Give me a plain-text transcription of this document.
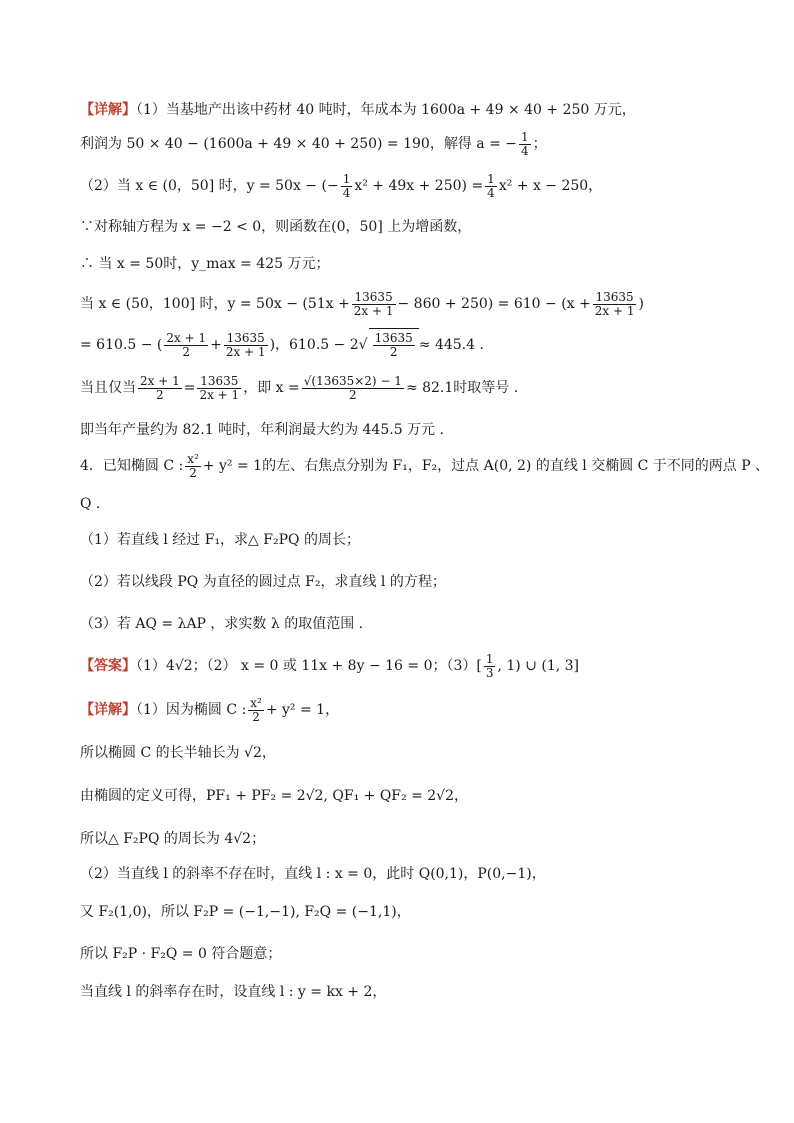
【详解】（1）当基地产出该中药材 40 吨时，年成本为 1600a + 49 × 40 + 250 万元，
利润为 50 × 40 − (1600a + 49 × 40 + 250) = 190，解得 a = − $\frac{1}{4}$ ；
（2）当 x ∈ (0，50] 时，y = 50x − (− $\frac{1}{4} x^2 + 49x + 250) = \frac{1}{4} x^2 + x - 250$，
∵对称轴方程为 x = −2 < 0，则函数在(0，50] 上为增函数，
∴ 当 x = 50时，y_max = 425 万元；
当 x ∈ (50，100] 时，$y = 50x - (51x + \frac{13635}{2x + 1} - 860 + 250) = 610 - (x + \frac{13635}{2x + 1}$ )
= 610.5 − ( $\frac{2x + 1}{2} + \frac{13635}{2x + 1}$ )，$610.5 - 2√ \frac{13635}{2} \approx 445.4$ .
当且仅当 $\frac{2x + 1}{2} = \frac{13635}{2x + 1}$ ，即 $x = \frac{√(13635\times 2) - 1}{2} \approx 82.1$时取等号 .
即当年产量约为 82.1 吨时，年利润最大约为 445.5 万元 .
4．已知椭圆 C : $\frac{\text{x²}}{2} + y^2 = 1$的左、右焦点分别为 F₁，F₂，过点 A(0, 2) 的直线 l 交椭圆 C 于不同的两点 P 、
Q .
（1）若直线 l 经过 F₁，求△ F₂PQ 的周长；
（2）若以线段 PQ 为直径的圆过点 F₂，求直线 l 的方程；
（3）若 AQ = λAP ，求实数 λ 的取值范围 .
【答案】（1）4√2；（2） x = 0 或 11x + 8y − 16 = 0；$(3)[ \frac{1}{3}$ , 1) ∪ (1, 3]
【详解】（1）因为椭圆 C : $\frac{\text{x²}}{2} + y^2 = 1$，
所以椭圆 C 的长半轴长为 √2，
由椭圆的定义可得，PF₁ + PF₂ = 2√2, QF₁ + QF₂ = 2√2，
所以△ F₂PQ 的周长为 4√2；
（2）当直线 l 的斜率不存在时，直线 l : x = 0，此时 Q(0,1)，P(0,−1)，
又 F₂(1,0)，所以 F₂P = (−1,−1), F₂Q = (−1,1)，
所以 F₂P · F₂Q = 0 符合题意；
当直线 l 的斜率存在时，设直线 l : y = kx + 2，
